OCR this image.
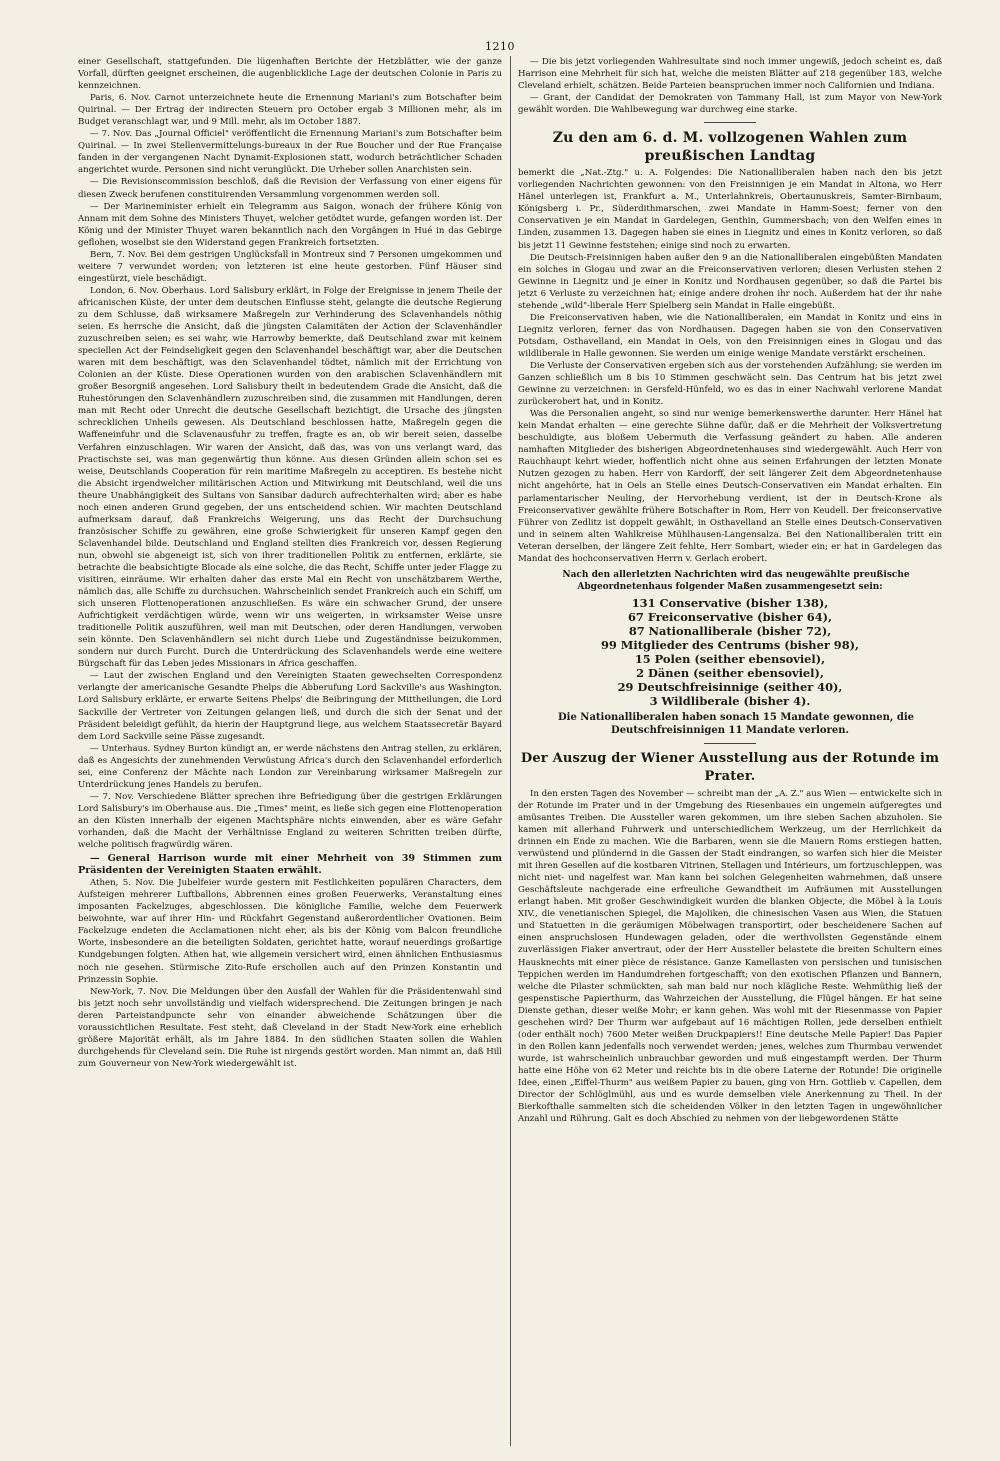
1210

einer Gesellschaft, stattgefunden. Die lügenhaften Berichte der Hetzblätter, wie der ganze Vorfall, dürften geeignet erscheinen, die augenblickliche Lage der deutschen Colonie in Paris zu kennzeichnen.

Paris, 6. Nov. Carnot unterzeichnete heute die Ernennung Mariani's zum Botschafter beim Quirinal. — Der Ertrag der indirecten Steuern pro October ergab 3 Millionen mehr, als im Budget veranschlagt war, und 9 Mill. mehr, als im October 1887.

— 7. Nov. Das „Journal Officiel" veröffentlicht die Ernennung Mariani's zum Botschafter beim Quirinal. — In zwei Stellenvermittelungs-bureaux in der Rue Boucher und der Rue Française fanden in der vergangenen Nacht Dynamit-Explosionen statt, wodurch beträchtlicher Schaden angerichtet wurde. Personen sind nicht verunglückt. Die Urheber sollen Anarchisten sein.

— Die Revisionscommission beschloß, daß die Revision der Verfassung von einer eigens für diesen Zweck berufenen constituirenden Versammlung vorgenommen werden soll.

— Der Marineminister erhielt ein Telegramm aus Saigon, wonach der frühere König von Annam mit dem Sohne des Ministers Thuyet, welcher getödtet wurde, gefangen worden ist. Der König und der Minister Thuyet waren bekanntlich nach den Vorgängen in Hué in das Gebirge geflohen, woselbst sie den Widerstand gegen Frankreich fortsetzten.

Bern, 7. Nov. Bei dem gestrigen Unglücksfall in Montreux sind 7 Personen umgekommen und weitere 7 verwundet worden; von letzteren ist eine heute gestorben. Fünf Häuser sind eingestürzt, viele beschädigt.

London, 6. Nov. Oberhaus. Lord Salisbury erklärt, in Folge der Ereignisse in jenem Theile der africanischen Küste, der unter dem deutschen Einflusse steht, gelangte die deutsche Regierung zu dem Schlusse, daß wirksamere Maßregeln zur Verhinderung des Sclavenhandels nöthig seien. Es herrsche die Ansicht, daß die jüngsten Calamitäten der Action der Sclavenhändler zuzuschreiben seien; es sei wahr, wie Harrowby bemerkte, daß Deutschland zwar mit keinem speciellen Act der Feindseligkeit gegen den Sclavenhandel beschäftigt war, aber die Deutschen waren mit dem beschäftigt, was den Sclavenhandel tödtet, nämlich mit der Errichtung von Colonien an der Küste. Diese Operationen wurden von den arabischen Sclavenhändlern mit großer Besorgniß angesehen. Lord Salisbury theilt in bedeutendem Grade die Ansicht, daß die Ruhestörungen den Sclavenhändlern zuzuschreiben sind, die zusammen mit Handlungen, deren man mit Recht oder Unrecht die deutsche Gesellschaft bezichtigt, die Ursache des jüngsten schrecklichen Unheils gewesen. Als Deutschland beschlossen hatte, Maßregeln gegen die Waffeneinfuhr und die Sclavenausfuhr zu treffen, fragte es an, ob wir bereit seien, dasselbe Verfahren einzuschlagen. Wir waren der Ansicht, daß das, was von uns verlangt ward, das Practischste sei, was man gegenwärtig thun könne. Aus diesen Gründen allein schon sei es weise, Deutschlands Cooperation für rein maritime Maßregeln zu acceptiren. Es bestehe nicht die Absicht irgendwelcher militärischen Action und Mitwirkung mit Deutschland, weil die uns theure Unabhängigkeit des Sultans von Sansibar dadurch aufrechterhalten wird; aber es habe noch einen anderen Grund gegeben, der uns entscheidend schien. Wir machten Deutschland aufmerksam darauf, daß Frankreichs Weigerung, uns das Recht der Durchsuchung französischer Schiffe zu gewähren, eine große Schwierigkeit für unseren Kampf gegen den Sclavenhandel bilde. Deutschland und England stellten dies Frankreich vor, dessen Regierung nun, obwohl sie abgeneigt ist, sich von ihrer traditionellen Politik zu entfernen, erklärte, sie betrachte die beabsichtigte Blocade als eine solche, die das Recht, Schiffe unter jeder Flagge zu visitiren, einräume. Wir erhalten daher das erste Mal ein Recht von unschätzbarem Werthe, nämlich das, alle Schiffe zu durchsuchen. Wahrscheinlich sendet Frankreich auch ein Schiff, um sich unseren Flottenoperationen anzuschließen. Es wäre ein schwacher Grund, der unsere Aufrichtigkeit verdächtigen würde, wenn wir uns weigerten, in wirksamster Weise unsre traditionelle Politik auszuführen, weil man mit Deutschen, oder deren Handlungen, verwoben sein könnte. Den Sclavenhändlern sei nicht durch Liebe und Zugeständnisse beizukommen, sondern nur durch Furcht. Durch die Unterdrückung des Sclavenhandels werde eine weitere Bürgschaft für das Leben jedes Missionars in Africa geschaffen.

— Laut der zwischen England und den Vereinigten Staaten gewechselten Correspondenz verlangte der americanische Gesandte Phelps die Abberufung Lord Sackville's aus Washington. Lord Salisbury erklärte, er erwarte Seitens Phelps' die Beibringung der Mittheilungen, die Lord Sackville der Vertreter von Zeitungen gelangen ließ, und durch die sich der Senat und der Präsident beleidigt gefühlt, da hierin der Hauptgrund liege, aus welchem Staatssecretär Bayard dem Lord Sackville seine Pässe zugesandt.

— Unterhaus. Sydney Burton kündigt an, er werde nächstens den Antrag stellen, zu erklären, daß es Angesichts der zunehmenden Verwüstung Africa's durch den Sclavenhandel erforderlich sei, eine Conferenz der Mächte nach London zur Vereinbarung wirksamer Maßregeln zur Unterdrückung jenes Handels zu berufen.

— 7. Nov. Verschiedene Blätter sprechen ihre Befriedigung über die gestrigen Erklärungen Lord Salisbury's im Oberhause aus. Die „Times" meint, es ließe sich gegen eine Flottenoperation an den Küsten innerhalb der eigenen Machtsphäre nichts einwenden, aber es wäre Gefahr vorhanden, daß die Macht der Verhältnisse England zu weiteren Schritten treiben dürfte, welche politisch fragwürdig wären.

— General Harrison wurde mit einer Mehrheit von 39 Stimmen zum Präsidenten der Vereinigten Staaten erwählt.

Athen, 5. Nov. Die Jubelfeier wurde gestern mit Festlichkeiten populären Characters, dem Aufsteigen mehrerer Luftballons, Abbrennen eines großen Feuerwerks, Veranstaltung eines imposanten Fackelzuges, abgeschlossen. Die königliche Familie, welche dem Feuerwerk beiwohnte, war auf ihrer Hin- und Rückfahrt Gegenstand außerordentlicher Ovationen. Beim Fackelzuge endeten die Acclamationen nicht eher, als bis der König vom Balcon freundliche Worte, insbesondere an die beteiligten Soldaten, gerichtet hatte, worauf neuerdings großartige Kundgebungen folgten. Athen hat, wie allgemein versichert wird, einen ähnlichen Enthusiasmus noch nie gesehen. Stürmische Zito-Rufe erschollen auch auf den Prinzen Konstantin und Prinzessin Sophie.

New-York, 7. Nov. Die Meldungen über den Ausfall der Wahlen für die Präsidentenwahl sind bis jetzt noch sehr unvollständig und vielfach widersprechend. Die Zeitungen bringen je nach deren Parteistandpuncte sehr von einander abweichende Schätzungen über die voraussichtlichen Resultate. Fest steht, daß Cleveland in der Stadt New-York eine erheblich größere Majorität erhält, als im Jahre 1884. In den südlichen Staaten sollen die Wahlen durchgehends für Cleveland sein. Die Ruhe ist nirgends gestört worden. Man nimmt an, daß Hill zum Gouverneur von New-York wiedergewählt ist.

— Die bis jetzt vorliegenden Wahlresultate sind noch immer ungewiß, jedoch scheint es, daß Harrison eine Mehrheit für sich hat, welche die meisten Blätter auf 218 gegenüber 183, welche Cleveland erhielt, schätzen. Beide Parteien beanspruchen immer noch Californien und Indiana.

— Grant, der Candidat der Demokraten von Tammany Hall, ist zum Mayor von New-York gewählt worden. Die Wahlbewegung war durchweg eine starke.

Zu den am 6. d. M. vollzogenen Wahlen zum preußischen Landtag

bemerkt die „Nat.-Ztg." u. A. Folgendes: Die Nationalliberalen haben nach den bis jetzt vorliegenden Nachrichten gewonnen: von den Freisinnigen je ein Mandat in Altona, wo Herr Hänel unterlegen ist, Frankfurt a. M., Unterlahnkreis, Obertaunuskreis, Samter-Birnbaum, Königsberg i. Pr., Süderdithmarschen, zwei Mandate in Hamm-Soest; ferner von den Conservativen je ein Mandat in Gardelegen, Genthin, Gummersbach; von den Welfen eines in Linden, zusammen 13. Dagegen haben sie eines in Liegnitz und eines in Konitz verloren, so daß bis jetzt 11 Gewinne feststehen; einige sind noch zu erwarten.

Die Deutsch-Freisinnigen haben außer den 9 an die Nationalliberalen eingebüßten Mandaten ein solches in Glogau und zwar an die Freiconservativen verloren; diesen Verlusten stehen 2 Gewinne in Liegnitz und je einer in Konitz und Nordhausen gegenüber, so daß die Partei bis jetzt 6 Verluste zu verzeichnen hat; einige andere drohen ihr noch. Außerdem hat der ihr nahe stehende „wild"-liberale Herr Spielberg sein Mandat in Halle eingebüßt.

Die Freiconservativen haben, wie die Nationalliberalen, ein Mandat in Konitz und eins in Liegnitz verloren, ferner das von Nordhausen. Dagegen haben sie von den Conservativen Potsdam, Osthavelland, ein Mandat in Oels, von den Freisinnigen eines in Glogau und das wildliberale in Halle gewonnen. Sie werden um einige wenige Mandate verstärkt erscheinen.

Die Verluste der Conservativen ergeben sich aus der vorstehenden Aufzählung; sie werden im Ganzen schließlich um 8 bis 10 Stimmen geschwächt sein. Das Centrum hat bis jetzt zwei Gewinne zu verzeichnen: in Gersfeld-Hünfeld, wo es das in einer Nachwahl verlorene Mandat zurückerobert hat, und in Konitz.

Was die Personalien angeht, so sind nur wenige bemerkenswerthe darunter. Herr Hänel hat kein Mandat erhalten — eine gerechte Sühne dafür, daß er die Mehrheit der Volksvertretung beschuldigte, aus bloßem Uebermuth die Verfassung geändert zu haben. Alle anderen namhaften Mitglieder des bisherigen Abgeordnetenhauses sind wiedergewählt. Auch Herr von Rauchhaupt kehrt wieder, hoffentlich nicht ohne aus seinen Erfahrungen der letzten Monate Nutzen gezogen zu haben. Herr von Kardorff, der seit längerer Zeit dem Abgeordnetenhause nicht angehörte, hat in Oels an Stelle eines Deutsch-Conservativen ein Mandat erhalten. Ein parlamentarischer Neuling, der Hervorhebung verdient, ist der in Deutsch-Krone als Freiconservativer gewählte frühere Botschafter in Rom, Herr von Keudell. Der freiconservative Führer von Zedlitz ist doppelt gewählt, in Osthavelland an Stelle eines Deutsch-Conservativen und in seinem alten Wahlkreise Mühlhausen-Langensalza. Bei den Nationalliberalen tritt ein Veteran derselben, der längere Zeit fehlte, Herr Sombart, wieder ein; er hat in Gardelegen das Mandat des hochconservativen Herrn v. Gerlach erobert.

Nach den allerletzten Nachrichten wird das neugewählte preußische Abgeordnetenhaus folgender Maßen zusammengesetzt sein:

131 Conservative (bisher 138),
67 Freiconservative (bisher 64),
87 Nationalliberale (bisher 72),
99 Mitglieder des Centrums (bisher 98),
15 Polen (seither ebensoviel),
2 Dänen (seither ebensoviel),
29 Deutschfreisinnige (seither 40),
3 Wildliberale (bisher 4).

Die Nationalliberalen haben sonach 15 Mandate gewonnen, die Deutschfreisinnigen 11 Mandate verloren.

Der Auszug der Wiener Ausstellung aus der Rotunde im Prater.

In den ersten Tagen des November — schreibt man der „A. Z." aus Wien — entwickelte sich in der Rotunde im Prater und in der Umgebung des Riesenbaues ein ungemein aufgeregtes und amüsantes Treiben. Die Aussteller waren gekommen, um ihre sieben Sachen abzuholen. Sie kamen mit allerhand Fuhrwerk und unterschiedlichem Werkzeug, um der Herrlichkeit da drinnen ein Ende zu machen. Wie die Barbaren, wenn sie die Mauern Roms erstiegen hatten, verwüstend und plündernd in die Gassen der Stadt eindrangen, so warfen sich hier die Meister mit ihren Gesellen auf die kostbaren Vitrinen, Stellagen und Intérieurs, um fortzuschleppen, was nicht niet- und nagelfest war. Man kann bei solchen Gelegenheiten wahrnehmen, daß unsere Geschäftsleute nachgerade eine erfreuliche Gewandtheit im Aufräumen mit Ausstellungen erlangt haben. Mit großer Geschwindigkeit wurden die blanken Objecte, die Möbel à la Louis XIV., die venetianischen Spiegel, die Majoliken, die chinesischen Vasen aus Wien, die Statuen und Statuetten in die geräumigen Möbelwagen transportirt, oder bescheidenere Sachen auf einen anspruchslosen Hundewagen geladen, oder die werthvollsten Gegenstände einem zuverlässigen Fiaker anvertraut, oder der Herr Aussteller belastete die breiten Schultern eines Hausknechts mit einer pièce de résistance. Ganze Kamellasten von persischen und tunisischen Teppichen werden im Handumdrehen fortgeschafft; von den exotischen Pflanzen und Bannern, welche die Pilaster schmückten, sah man bald nur noch klägliche Reste. Wehmüthig ließ der gespenstische Papierthurm, das Wahrzeichen der Ausstellung, die Flügel hängen. Er hat seine Dienste gethan, dieser weiße Mohr; er kann gehen. Was wohl mit der Riesenmasse von Papier geschehen wird? Der Thurm war aufgebaut auf 16 mächtigen Rollen, jede derselben enthielt (oder enthält noch) 7600 Meter weißen Druckpapiers!! Eine deutsche Meile Papier! Das Papier in den Rollen kann jedenfalls noch verwendet werden; jenes, welches zum Thurmbau verwendet wurde, ist wahrscheinlich unbrauchbar geworden und muß eingestampft werden. Der Thurm hatte eine Höhe von 62 Meter und reichte bis in die obere Laterne der Rotunde! Die originelle Idee, einen „Eiffel-Thurm" aus weißem Papier zu bauen, ging von Hrn. Gottlieb v. Capellen, dem Director der Schlöglmühl, aus und es wurde demselben viele Anerkennung zu Theil. In der Bierkofthalle sammelten sich die scheidenden Völker in den letzten Tagen in ungewöhnlicher Anzahl und Rührung. Galt es doch Abschied zu nehmen von der liebgewordenen Stätte
